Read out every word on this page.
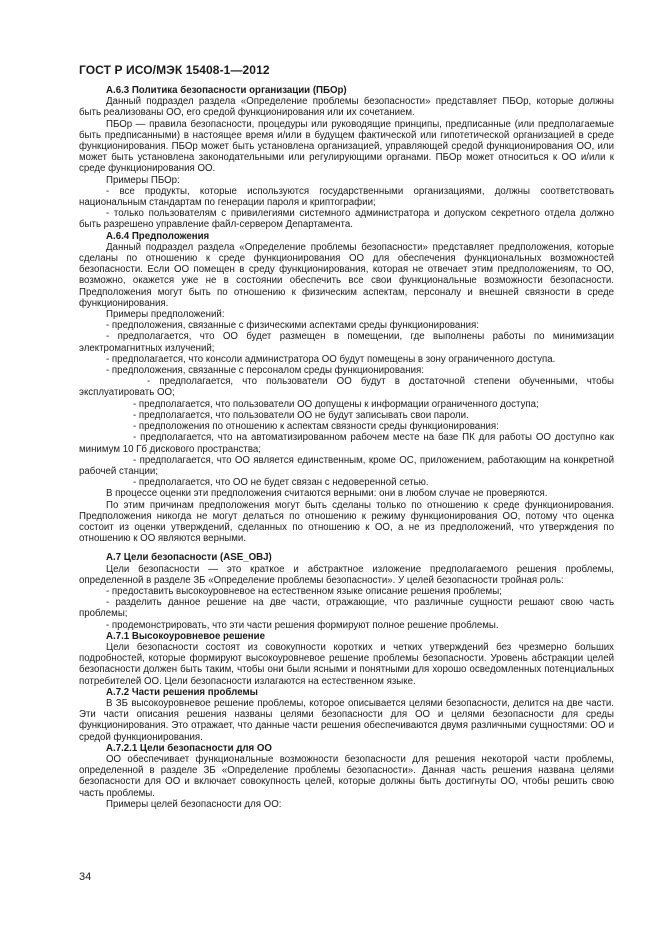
ГОСТ Р ИСО/МЭК 15408-1—2012

А.6.3 Политика безопасности организации (ПБОр)

Данный подраздел раздела «Определение проблемы безопасности» представляет ПБОр, которые должны быть реализованы ОО, его средой функционирования или их сочетанием.

ПБОр — правила безопасности, процедуры или руководящие принципы, предписанные (или предполагаемые быть предписанными) в настоящее время и/или в будущем фактической или гипотетической организацией в среде функционирования. ПБОр может быть установлена организацией, управляющей средой функционирования ОО, или может быть установлена законодательными или регулирующими органами. ПБОр может относиться к ОО и/или к среде функционирования ОО.

Примеры ПБОр:

- все продукты, которые используются государственными организациями, должны соответствовать национальным стандартам по генерации пароля и криптографии;

- только пользователям с привилегиями системного администратора и допуском секретного отдела должно быть разрешено управление файл-сервером Департамента.

А.6.4 Предположения

Данный подраздел раздела «Определение проблемы безопасности» представляет предположения, которые сделаны по отношению к среде функционирования ОО для обеспечения функциональных возможностей безопасности. Если ОО помещен в среду функционирования, которая не отвечает этим предположениям, то ОО, возможно, окажется уже не в состоянии обеспечить все свои функциональные возможности безопасности. Предположения могут быть по отношению к физическим аспектам, персоналу и внешней связности в среде функционирования.

Примеры предположений:

- предположения, связанные с физическими аспектами среды функционирования:

- предполагается, что ОО будет размещен в помещении, где выполнены работы по минимизации электромагнитных излучений;

- предполагается, что консоли администратора ОО будут помещены в зону ограниченного доступа.

- предположения, связанные с персоналом среды функционирования:

- предполагается, что пользователи ОО будут в достаточной степени обученными, чтобы эксплуатировать ОО;

- предполагается, что пользователи ОО допущены к информации ограниченного доступа;

- предполагается, что пользователи ОО не будут записывать свои пароли.

- предположения по отношению к аспектам связности среды функционирования:

- предполагается, что на автоматизированном рабочем месте на базе ПК для работы ОО доступно как минимум 10 Гб дискового пространства;

- предполагается, что ОО является единственным, кроме ОС, приложением, работающим на конкретной рабочей станции;

- предполагается, что ОО не будет связан с недоверенной сетью.

В процессе оценки эти предположения считаются верными: они в любом случае не проверяются.

По этим причинам предположения могут быть сделаны только по отношению к среде функционирования. Предположения никогда не могут делаться по отношению к режиму функционирования ОО, потому что оценка состоит из оценки утверждений, сделанных по отношению к ОО, а не из предположений, что утверждения по отношению к ОО являются верными.

А.7 Цели безопасности (ASE_OBJ)

Цели безопасности — это краткое и абстрактное изложение предполагаемого решения проблемы, определенной в разделе ЗБ «Определение проблемы безопасности». У целей безопасности тройная роль:

- предоставить высокоуровневое на естественном языке описание решения проблемы;

- разделить данное решение на две части, отражающие, что различные сущности решают свою часть проблемы;

- продемонстрировать, что эти части решения формируют полное решение проблемы.

А.7.1 Высокоуровневое решение

Цели безопасности состоят из совокупности коротких и четких утверждений без чрезмерно больших подробностей, которые формируют высокоуровневое решение проблемы безопасности. Уровень абстракции целей безопасности должен быть таким, чтобы они были ясными и понятными для хорошо осведомленных потенциальных потребителей ОО. Цели безопасности излагаются на естественном языке.

А.7.2 Части решения проблемы

В ЗБ высокоуровневое решение проблемы, которое описывается целями безопасности, делится на две части. Эти части описания решения названы целями безопасности для ОО и целями безопасности для среды функционирования. Это отражает, что данные части решения обеспечиваются двумя различными сущностями: ОО и средой функционирования.

А.7.2.1 Цели безопасности для ОО

ОО обеспечивает функциональные возможности безопасности для решения некоторой части проблемы, определенной в разделе ЗБ «Определение проблемы безопасности». Данная часть решения названа целями безопасности для ОО и включает совокупность целей, которые должны быть достигнуты ОО, чтобы решить свою часть проблемы.

Примеры целей безопасности для ОО:

34
